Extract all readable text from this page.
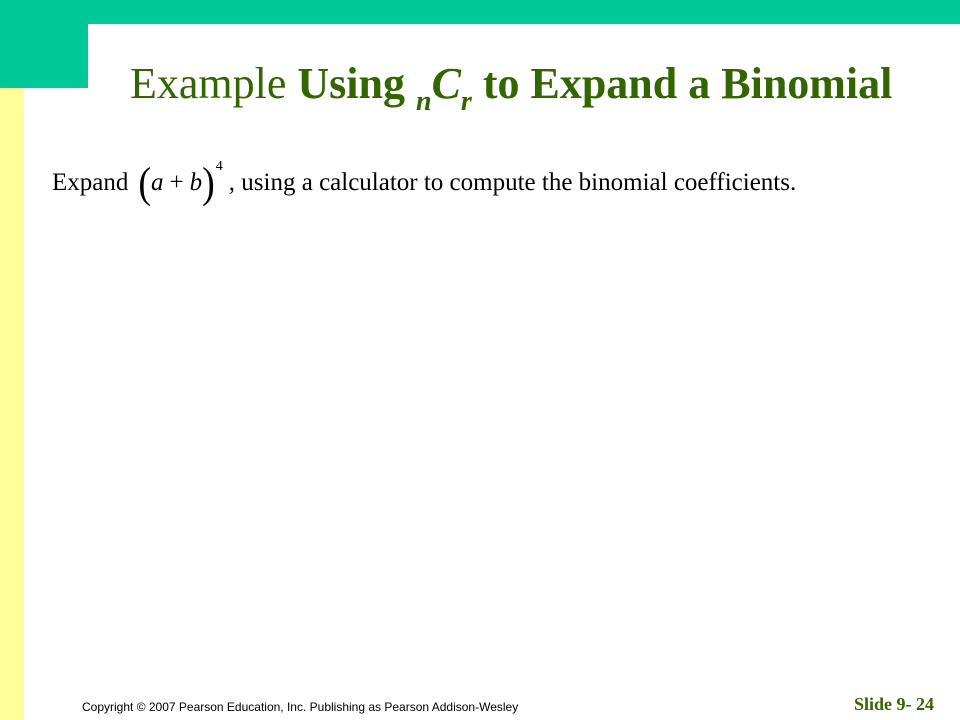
Example Using $_nC_r$ to Expand a Binomial
Expand ( a + b ) 4
, using a calculator to compute the binomial coefficients.
Copyright © 2007 Pearson Education, Inc. Publishing as Pearson Addison-Wesley	Slide 9- 24
